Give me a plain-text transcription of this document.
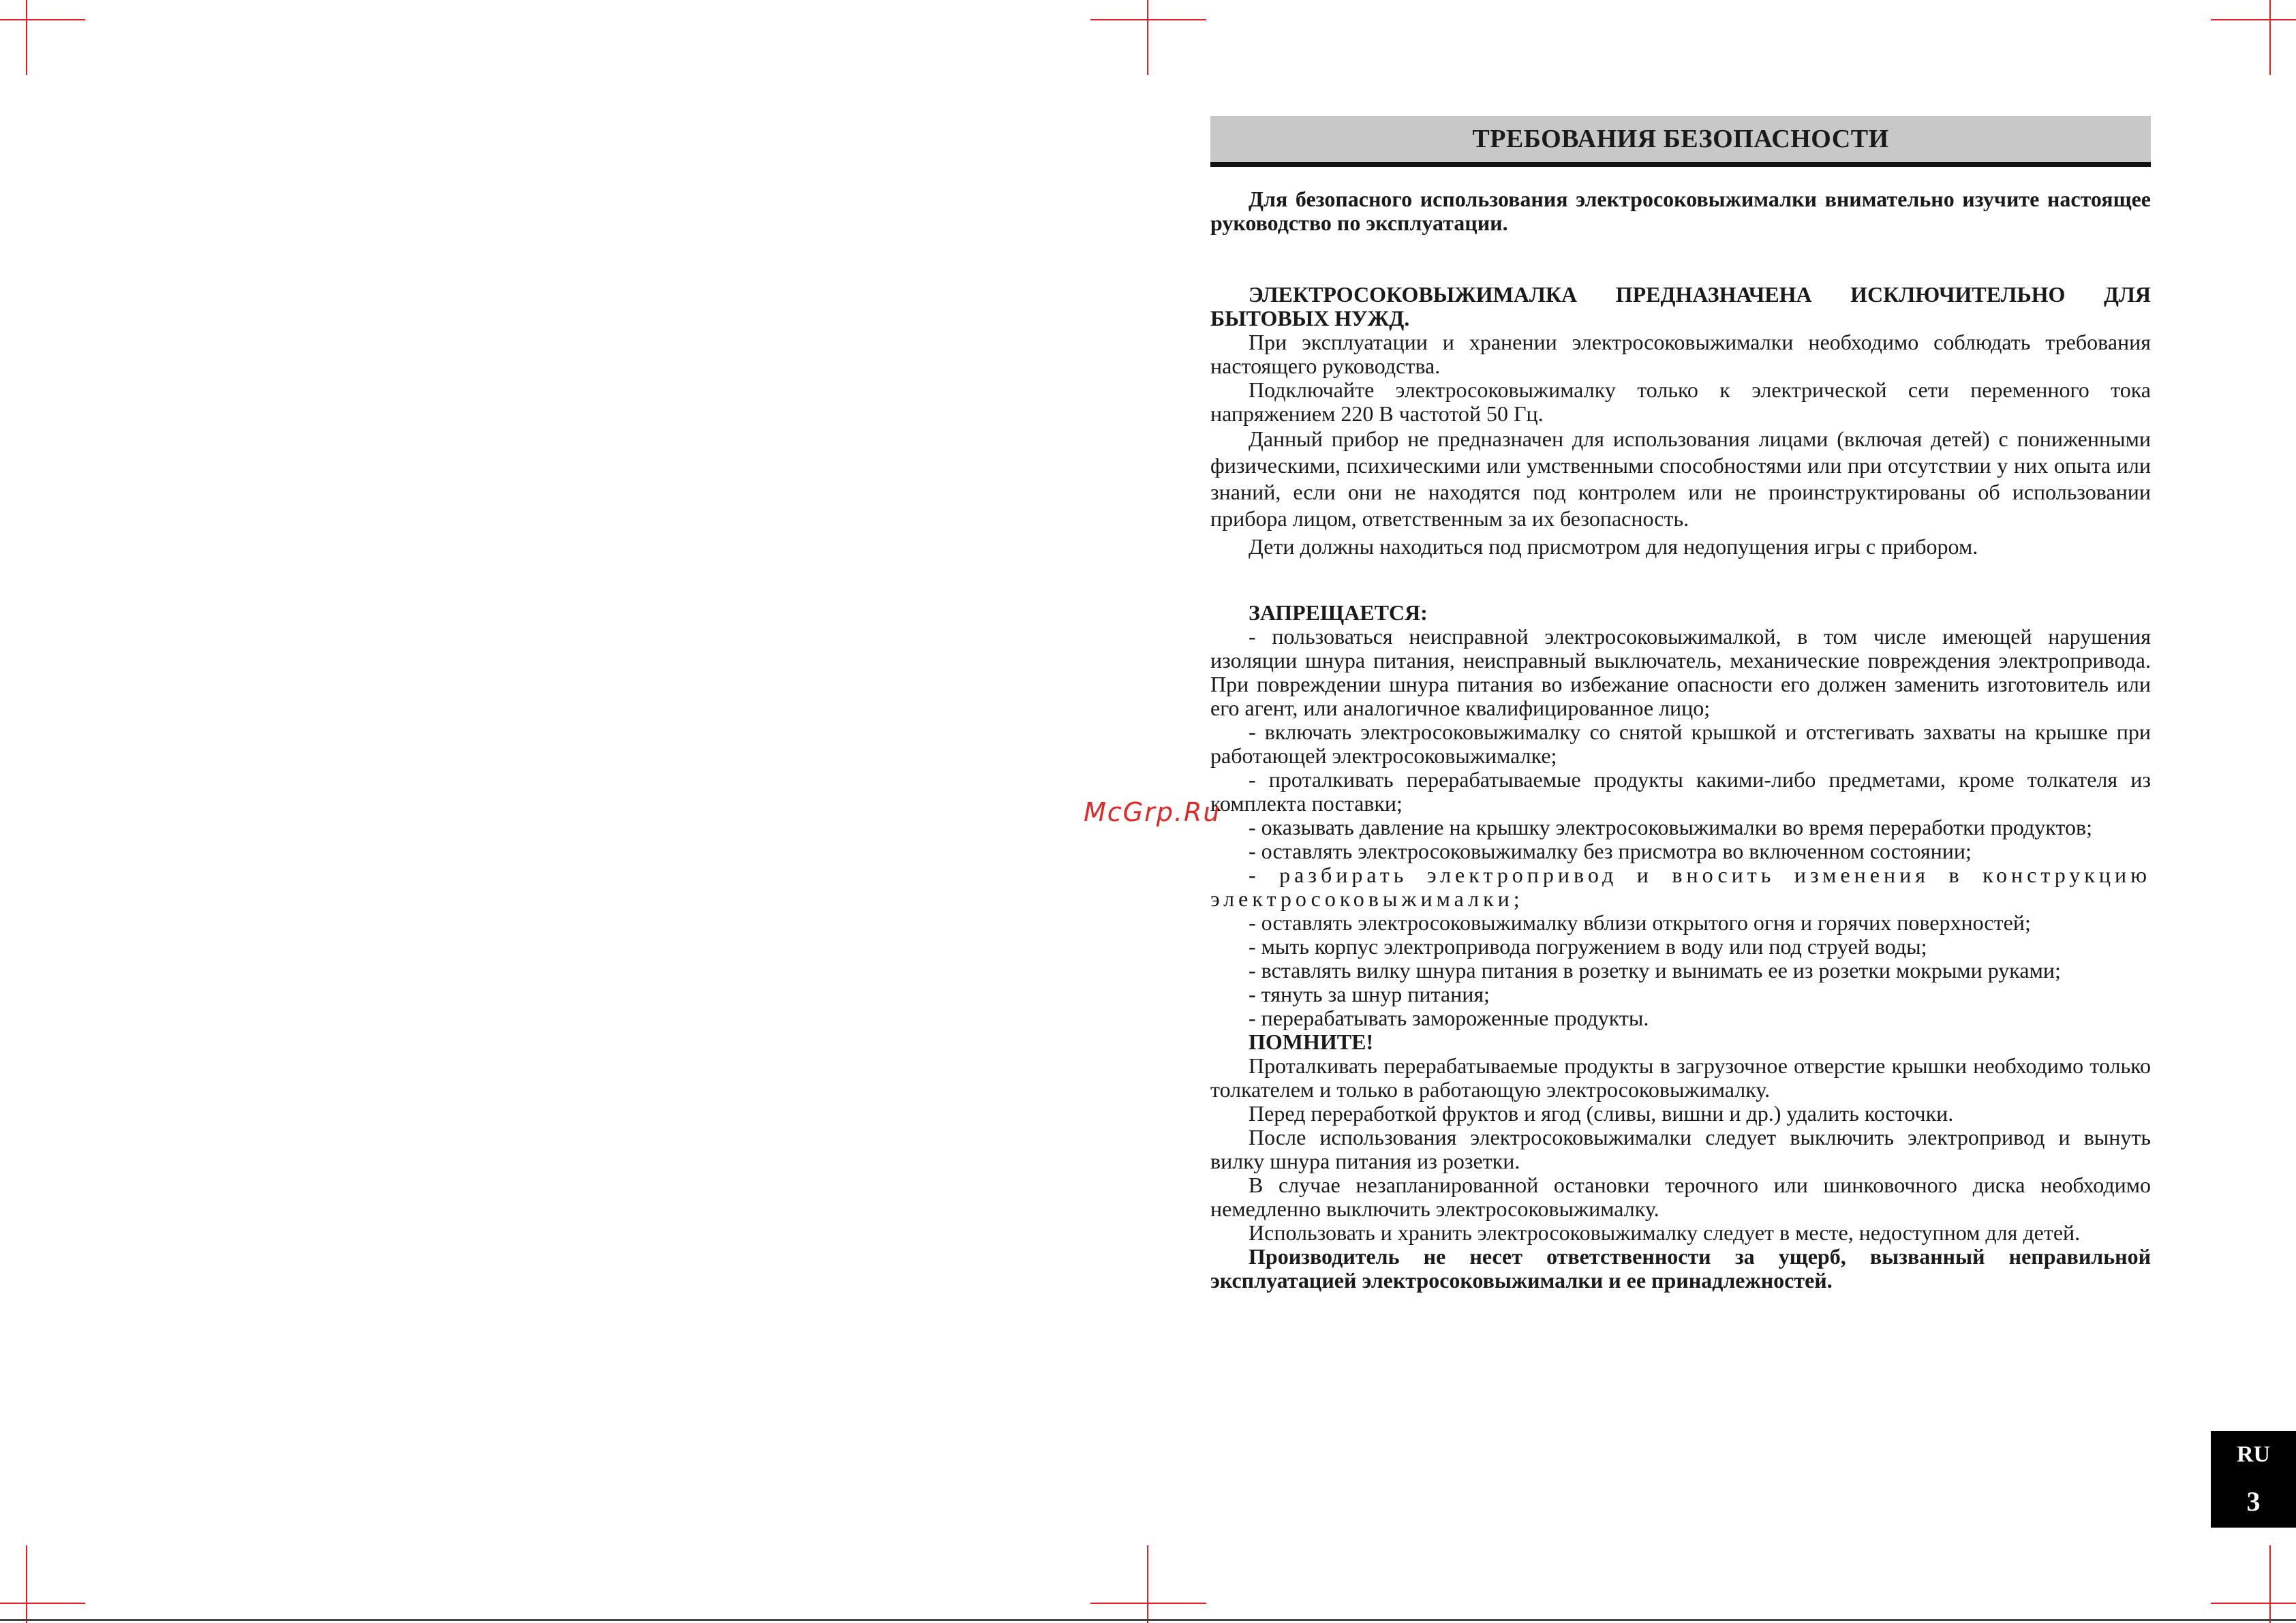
ТРЕБОВАНИЯ БЕЗОПАСНОСТИ

Для безопасного использования электросоковыжималки внимательно изучите настоящее руководство по эксплуатации.

ЭЛЕКТРОСОКОВЫЖИМАЛКА ПРЕДНАЗНАЧЕНА ИСКЛЮЧИТЕЛЬНО ДЛЯ БЫТОВЫХ НУЖД.

При эксплуатации и хранении электросоковыжималки необходимо соблюдать требования настоящего руководства.

Подключайте электросоковыжималку только к электрической сети переменного тока напряжением 220 В частотой 50 Гц.

Данный прибор не предназначен для использования лицами (включая детей) с пониженными физическими, психическими или умственными способностями или при отсутствии у них опыта или знаний, если они не находятся под контролем или не проинструктированы об использовании прибора лицом, ответственным за их безопасность.

Дети должны находиться под присмотром для недопущения игры с прибором.

ЗАПРЕЩАЕТСЯ:

- пользоваться неисправной электросоковыжималкой, в том числе имеющей нарушения изоляции шнура питания, неисправный выключатель, механические повреждения электропривода. При повреждении шнура питания во избежание опасности его должен заменить изготовитель или его агент, или аналогичное квалифицированное лицо;

- включать электросоковыжималку со снятой крышкой и отстегивать захваты на крышке при работающей электросоковыжималке;

- проталкивать перерабатываемые продукты какими-либо предметами, кроме толкателя из комплекта поставки;

- оказывать давление на крышку электросоковыжималки во время переработки продуктов;

- оставлять электросоковыжималку без присмотра во включенном состоянии;

- разбирать электропривод и вносить изменения в конструкцию электросоковыжималки;

- оставлять электросоковыжималку вблизи открытого огня и горячих поверхностей;

- мыть корпус электропривода погружением в воду или под струей воды;

- вставлять вилку шнура питания в розетку и вынимать ее из розетки мокрыми руками;

- тянуть за шнур питания;

- перерабатывать замороженные продукты.

ПОМНИТЕ!

Проталкивать перерабатываемые продукты в загрузочное отверстие крышки необходимо только толкателем и только в работающую электросоковыжималку.

Перед переработкой фруктов и ягод (сливы, вишни и др.) удалить косточки.

После использования электросоковыжималки следует выключить электропривод и вынуть вилку шнура питания из розетки.

В случае незапланированной остановки терочного или шинковочного диска необходимо немедленно выключить электросоковыжималку.

Использовать и хранить электросоковыжималку следует в месте, недоступном для детей.

Производитель не несет ответственности за ущерб, вызванный неправильной эксплуатацией электросоковыжималки и ее принадлежностей.

McGrp.Ru
RU
3
